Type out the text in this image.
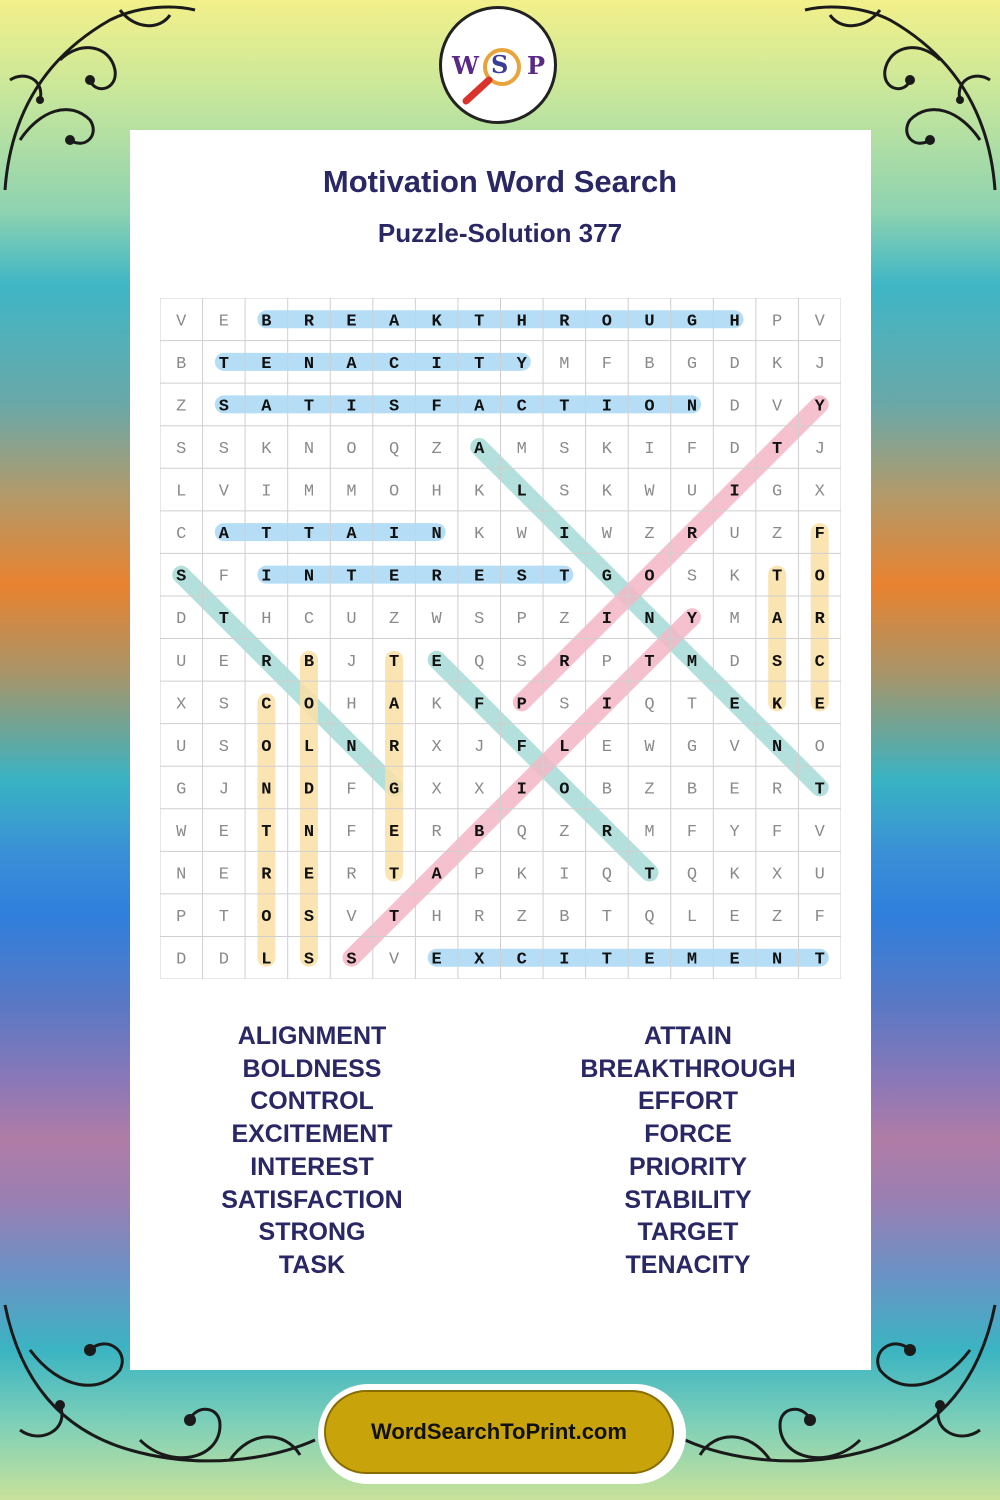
W S P
Motivation Word Search
Puzzle-Solution 377
V E B R E A K T H R O U G H P V
B T E N A C I T Y M F B G D K J
Z S A T I S F A C T I O N D V Y
S S K N O Q Z A M S K I F D T J
L V I M M O H K L S K W U I G X
C A T T A I N K W I W Z R U Z F
S F I N T E R E S T G O S K T O
D T H C U Z W S P Z I N Y M A R
U E R B J T E Q S R P T M D S C
X S C O H A K F P S I Q T E K E
U S O L N R X J F L E W G V N O
G J N D F G X X I O B Z B E R T
W E T N F E R B Q Z R M F Y F V
N E R E R T A P K I Q T Q K X U
P T O S V T H R Z B T Q L E Z F
D D L S S V E X C I T E M E N T
ALIGNMENT
BOLDNESS
CONTROL
EXCITEMENT
INTEREST
SATISFACTION
STRONG
TASK
ATTAIN
BREAKTHROUGH
EFFORT
FORCE
PRIORITY
STABILITY
TARGET
TENACITY
WordSearchToPrint.com
